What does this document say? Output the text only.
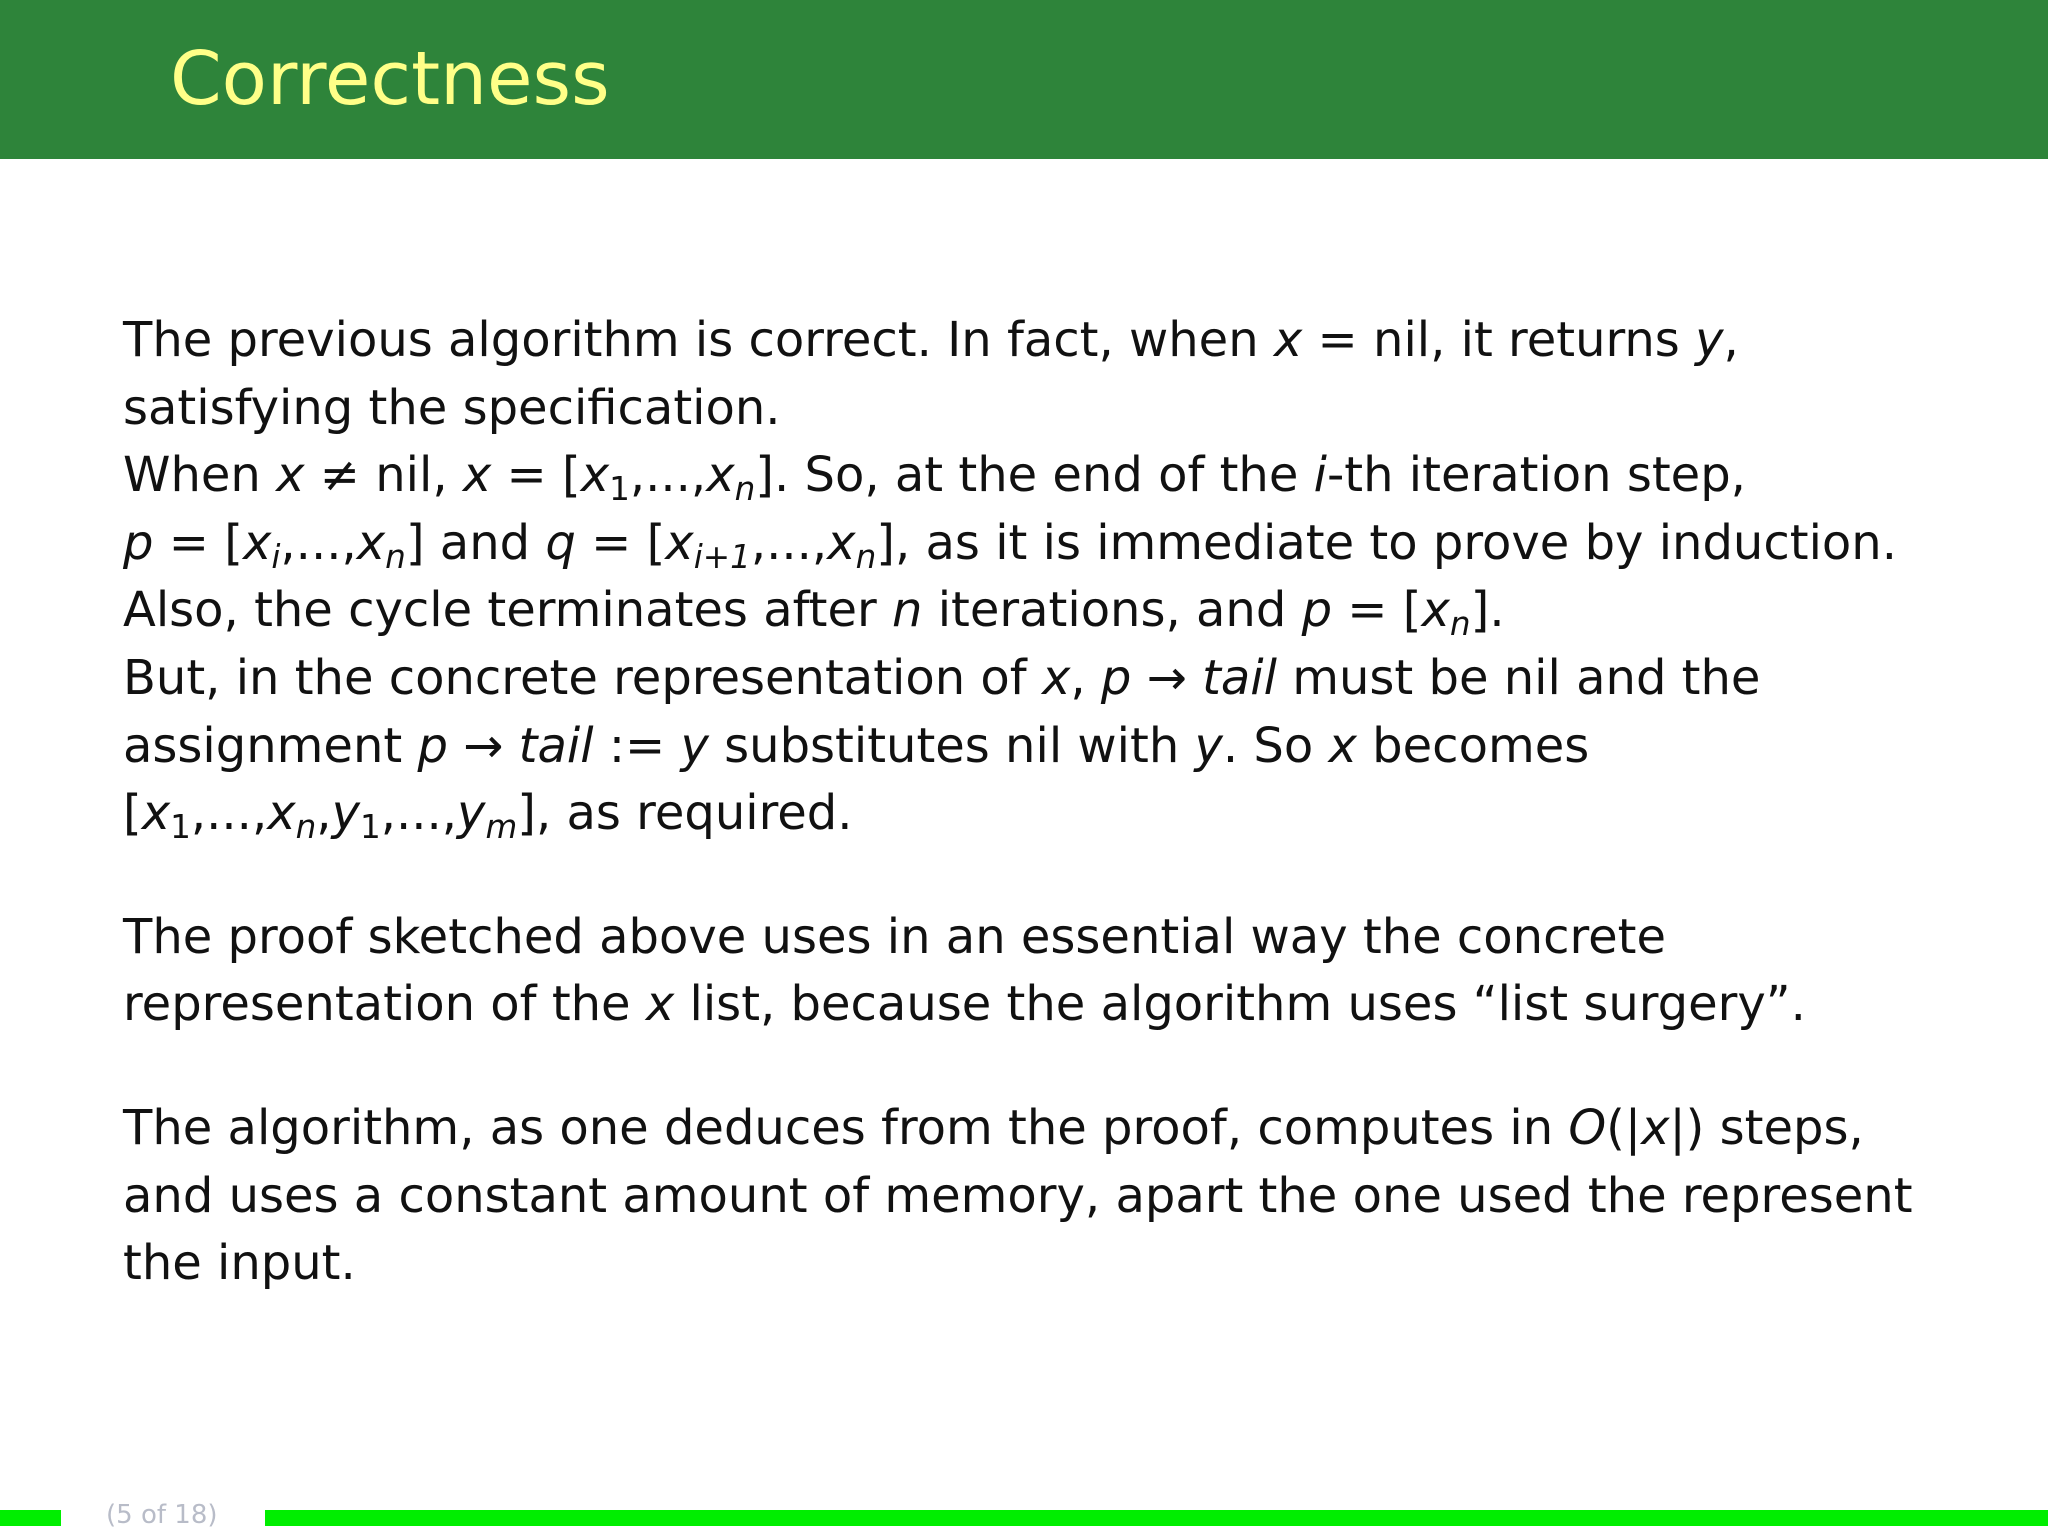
Correctness

The previous algorithm is correct. In fact, when x = nil, it returns y,
satisfying the specification.
When x ≠ nil, $x = [x_1,...,x_n]$. So, at the end of the i-th iteration step,
$p = [x_i,...,x_n]$ and $q = [x_{i+1},...,x_n]$, as it is immediate to prove by induction.
Also, the cycle terminates after n iterations, and $p = [x_n]$.
But, in the concrete representation of x, p → tail must be nil and the
assignment p → tail := y substitutes nil with y. So x becomes
$[x_1,...,x_n,y_1,...,y_m]$, as required.

The proof sketched above uses in an essential way the concrete
representation of the x list, because the algorithm uses “list surgery”.

The algorithm, as one deduces from the proof, computes in O(|x|) steps,
and uses a constant amount of memory, apart the one used the represent
the input.

(5 of 18)
